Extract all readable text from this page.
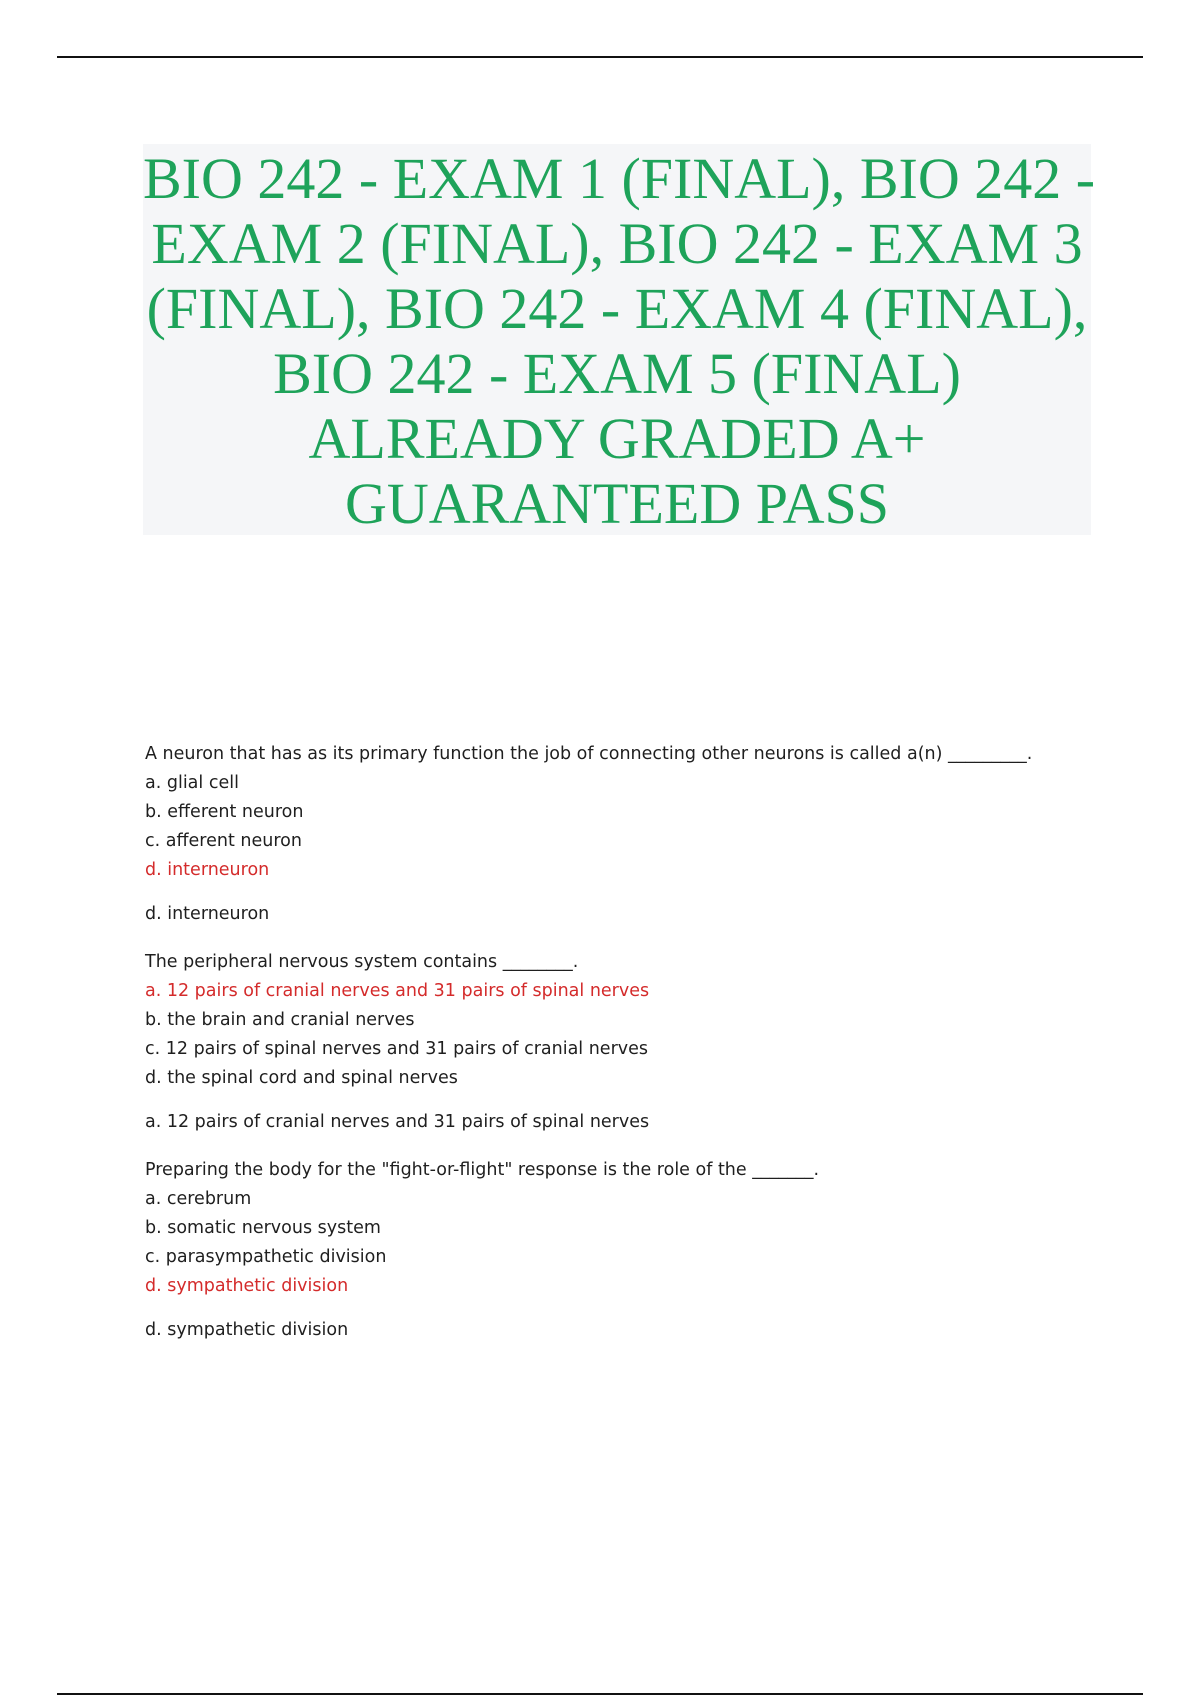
BIO 242 - EXAM 1 (FINAL), BIO 242 -
EXAM 2 (FINAL), BIO 242 - EXAM 3
(FINAL), BIO 242 - EXAM 4 (FINAL),
BIO 242 - EXAM 5 (FINAL)
ALREADY GRADED A+
GUARANTEED PASS
A neuron that has as its primary function the job of connecting other neurons is called a(n) _________.
a. glial cell
b. efferent neuron
c. afferent neuron
d. interneuron
d. interneuron
The peripheral nervous system contains ________.
a. 12 pairs of cranial nerves and 31 pairs of spinal nerves
b. the brain and cranial nerves
c. 12 pairs of spinal nerves and 31 pairs of cranial nerves
d. the spinal cord and spinal nerves
a. 12 pairs of cranial nerves and 31 pairs of spinal nerves
Preparing the body for the "fight-or-flight" response is the role of the _______.
a. cerebrum
b. somatic nervous system
c. parasympathetic division
d. sympathetic division
d. sympathetic division
